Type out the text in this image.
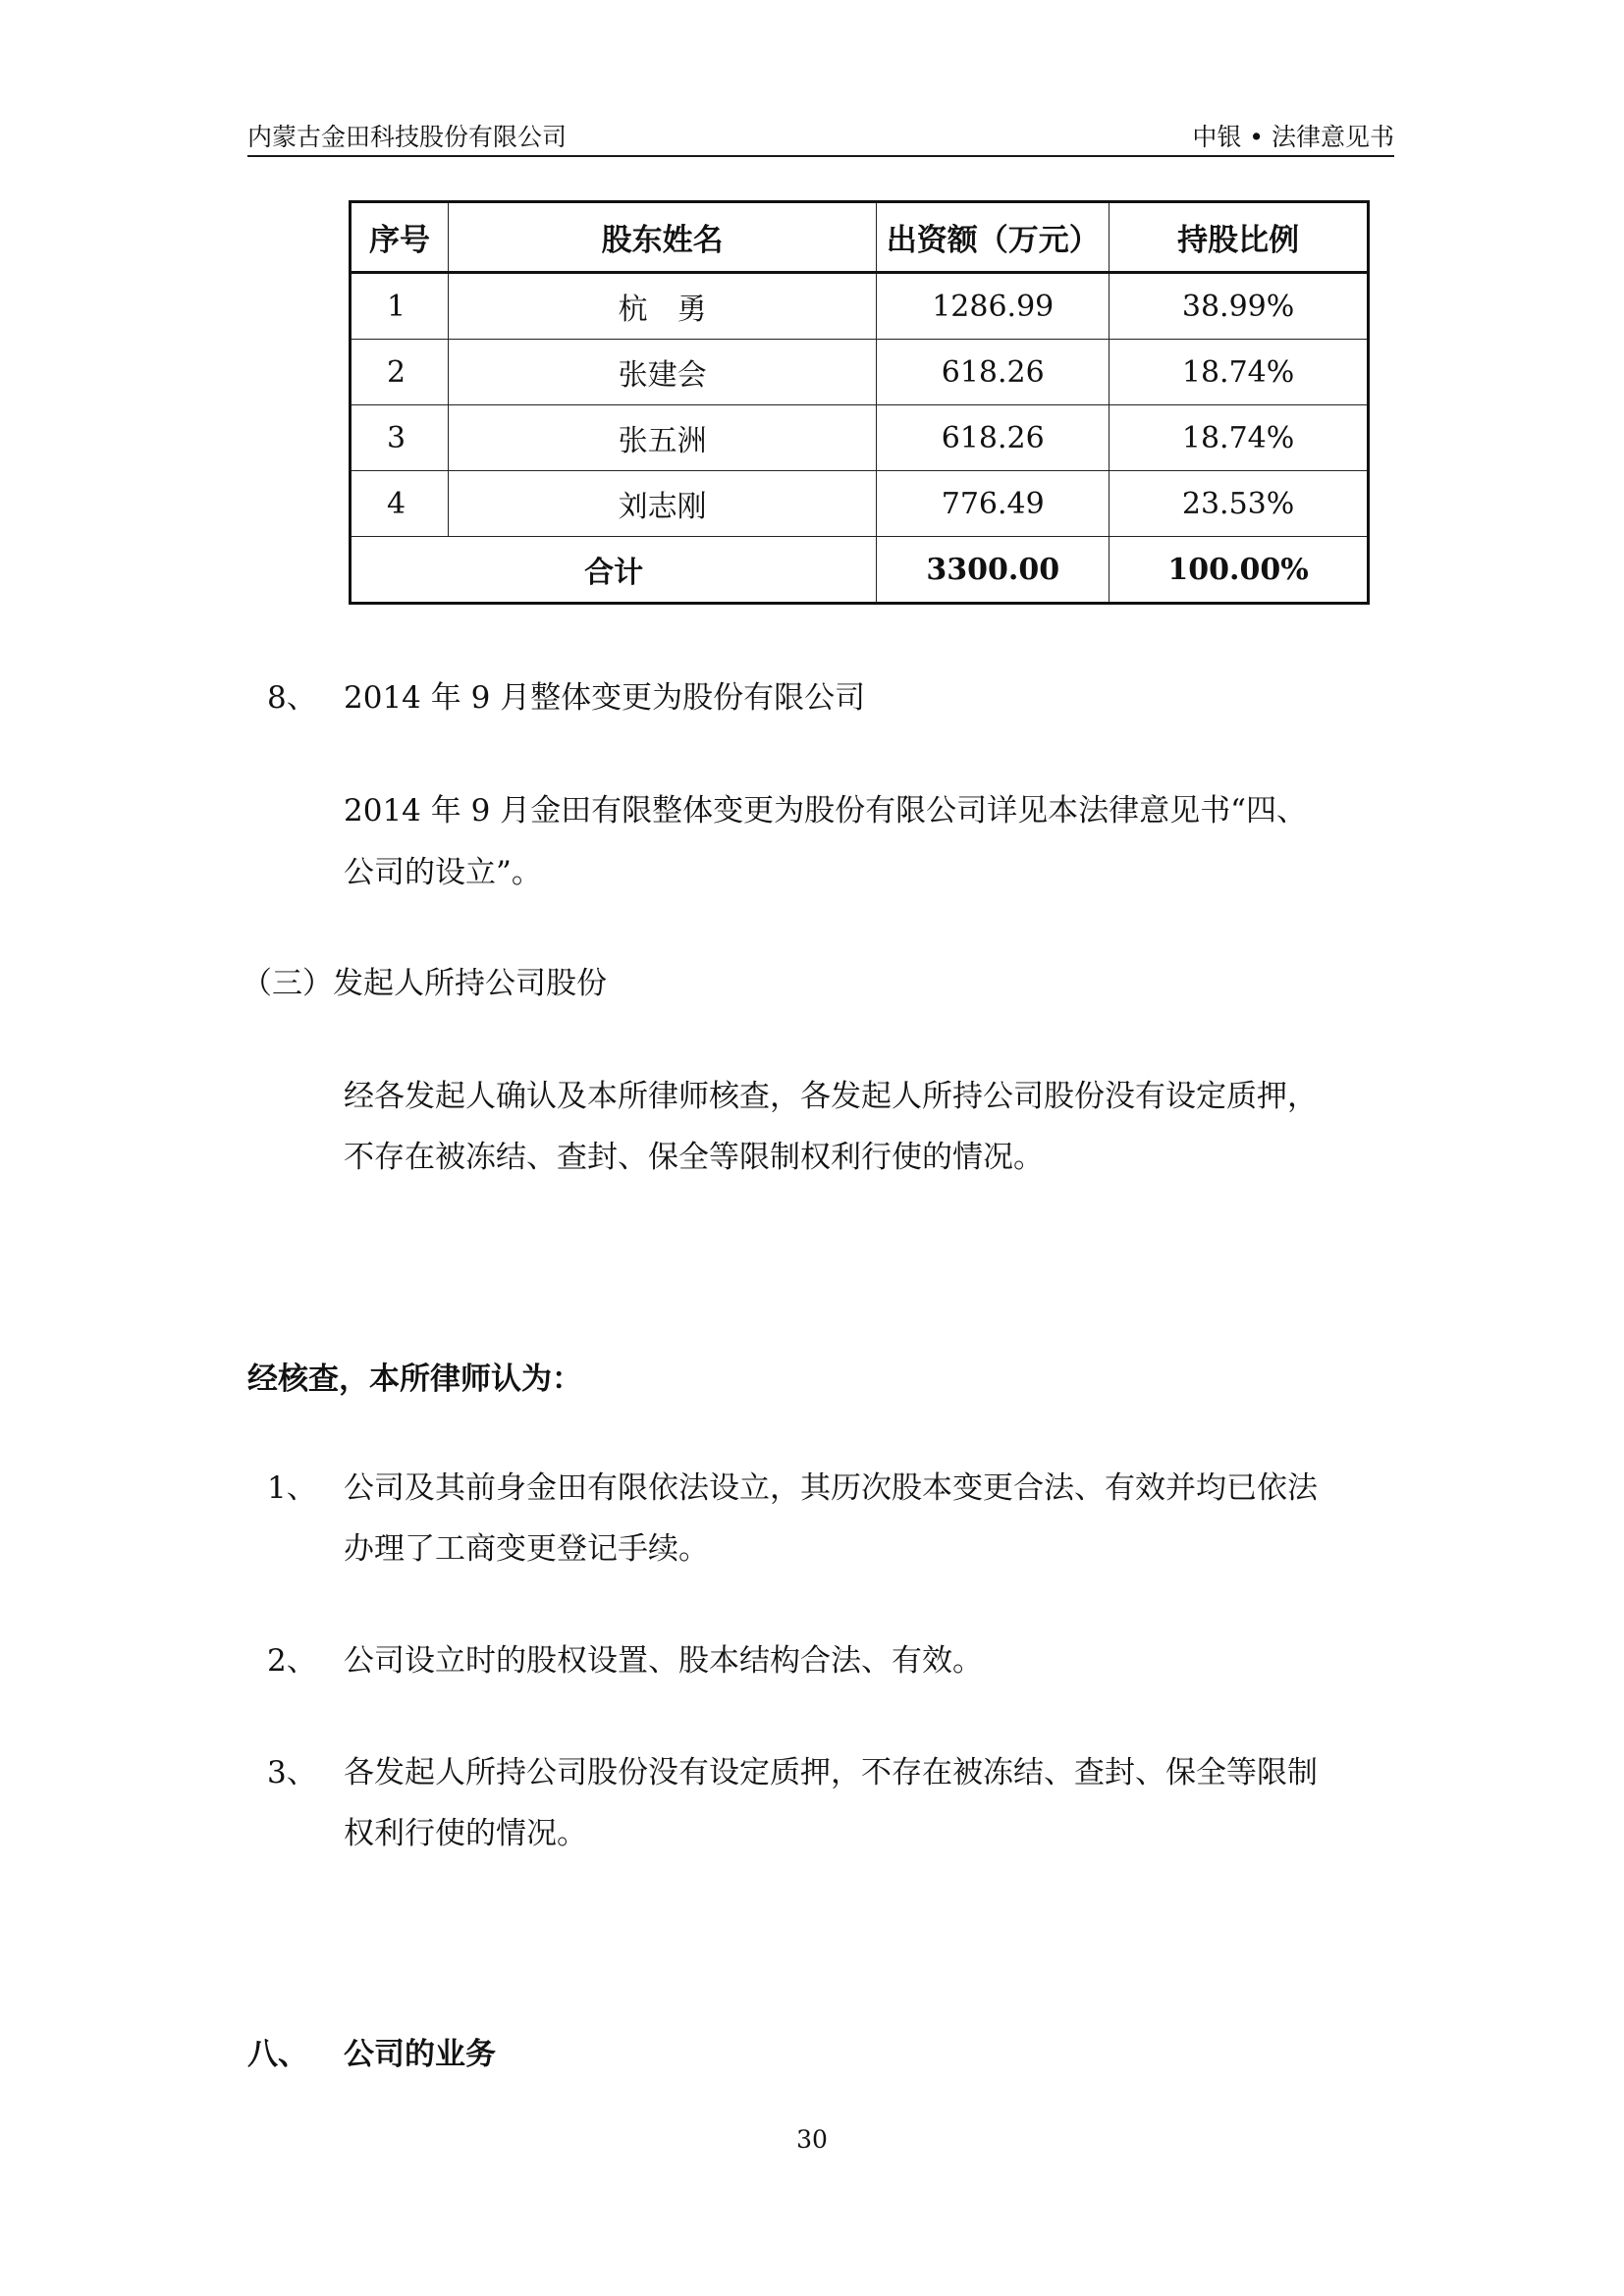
内蒙古金田科技股份有限公司	中银 • 法律意见书
序号	股东姓名	出资额（万元）	持股比例
1	杭　勇	1286.99	38.99%
2	张建会	618.26	18.74%
3	张五洲	618.26	18.74%
4	刘志刚	776.49	23.53%
合计		3300.00	100.00%
8、 2014 年 9 月整体变更为股份有限公司
2014 年 9 月金田有限整体变更为股份有限公司详见本法律意见书“四、
公司的设立”。
（三）发起人所持公司股份
经各发起人确认及本所律师核查，各发起人所持公司股份没有设定质押，
不存在被冻结、查封、保全等限制权利行使的情况。
经核查，本所律师认为：
1、 公司及其前身金田有限依法设立，其历次股本变更合法、有效并均已依法
办理了工商变更登记手续。
2、 公司设立时的股权设置、股本结构合法、有效。
3、 各发起人所持公司股份没有设定质押，不存在被冻结、查封、保全等限制
权利行使的情况。
八、 公司的业务
30
